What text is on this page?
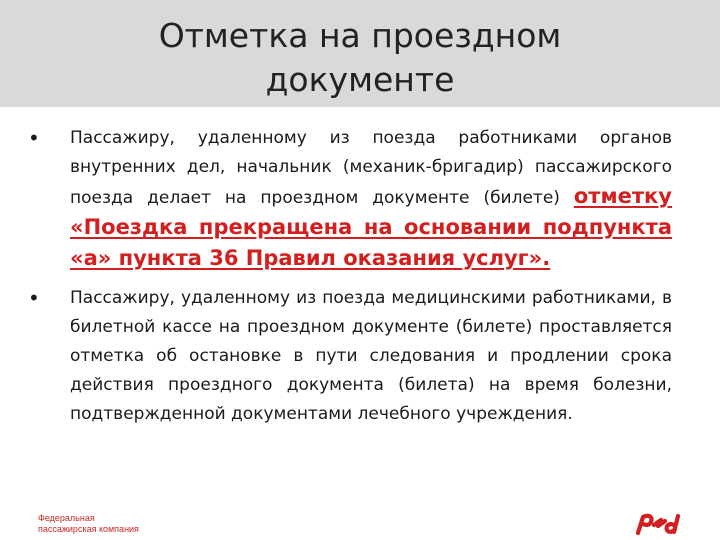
Отметка на проездном
документе
• Пассажиру, удаленному из поезда работниками органов внутренних дел, начальник (механик-бригадир) пассажирского поезда делает на проездном документе (билете) отметку «Поездка прекращена на основании подпункта «а» пункта 36 Правил оказания услуг».
• Пассажиру, удаленному из поезда медицинскими работниками, в билетной кассе на проездном документе (билете) проставляется отметка об остановке в пути следования и продлении срока действия проездного документа (билета) на время болезни, подтвержденной документами лечебного учреждения.
Федеральная
пассажирская компания
